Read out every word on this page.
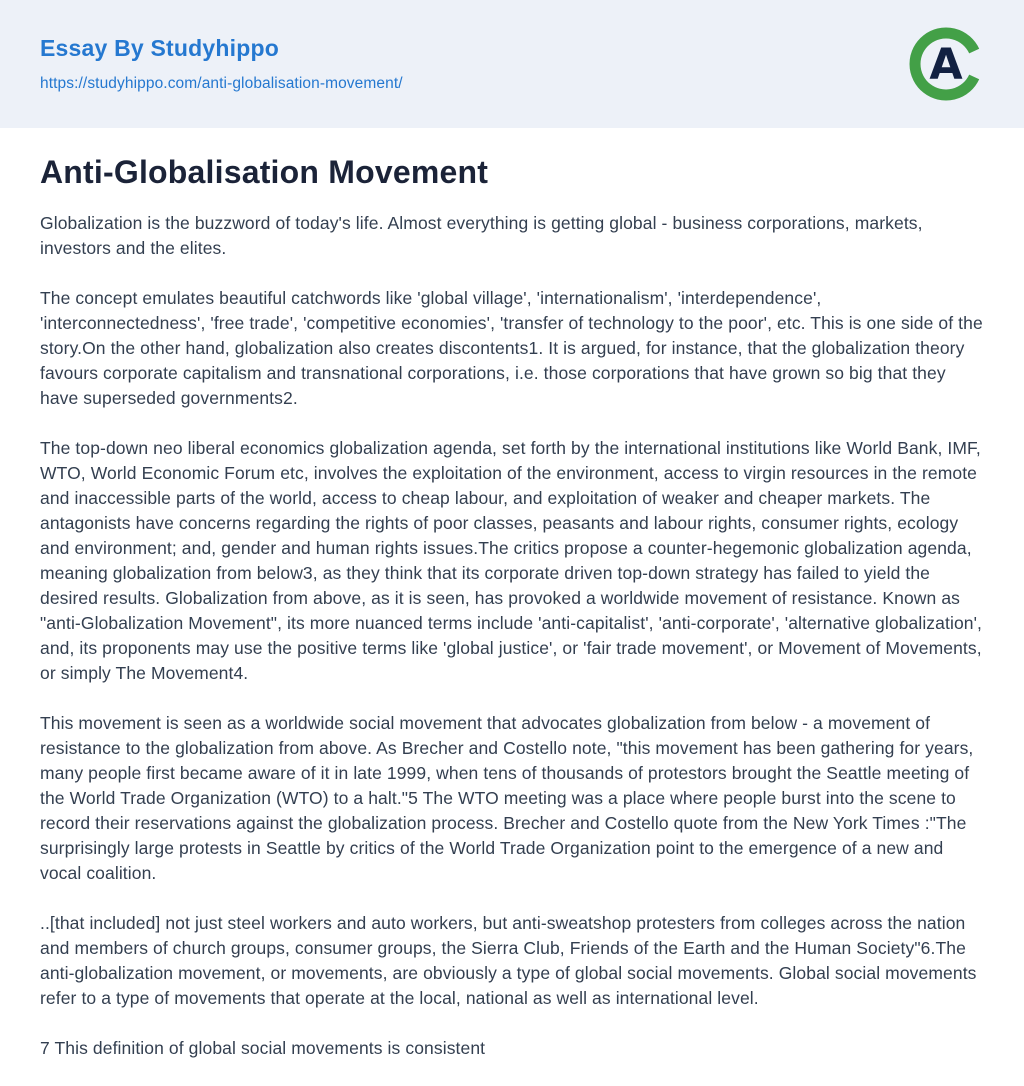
Essay By Studyhippo
https://studyhippo.com/anti-globalisation-movement/	A
Anti-Globalisation Movement

Globalization is the buzzword of today's life. Almost everything is getting global - business corporations, markets, investors and the elites.

The concept emulates beautiful catchwords like 'global village', 'internationalism', 'interdependence', 'interconnectedness', 'free trade', 'competitive economies', 'transfer of technology to the poor', etc. This is one side of the story.On the other hand, globalization also creates discontents1. It is argued, for instance, that the globalization theory favours corporate capitalism and transnational corporations, i.e. those corporations that have grown so big that they have superseded governments2.

The top-down neo liberal economics globalization agenda, set forth by the international institutions like World Bank, IMF, WTO, World Economic Forum etc, involves the exploitation of the environment, access to virgin resources in the remote and inaccessible parts of the world, access to cheap labour, and exploitation of weaker and cheaper markets. The antagonists have concerns regarding the rights of poor classes, peasants and labour rights, consumer rights, ecology and environment; and, gender and human rights issues.The critics propose a counter-hegemonic globalization agenda, meaning globalization from below3, as they think that its corporate driven top-down strategy has failed to yield the desired results. Globalization from above, as it is seen, has provoked a worldwide movement of resistance. Known as "anti-Globalization Movement", its more nuanced terms include 'anti-capitalist', 'anti-corporate', 'alternative globalization', and, its proponents may use the positive terms like 'global justice', or 'fair trade movement', or Movement of Movements, or simply The Movement4.

This movement is seen as a worldwide social movement that advocates globalization from below - a movement of resistance to the globalization from above. As Brecher and Costello note, "this movement has been gathering for years, many people first became aware of it in late 1999, when tens of thousands of protestors brought the Seattle meeting of the World Trade Organization (WTO) to a halt."5 The WTO meeting was a place where people burst into the scene to record their reservations against the globalization process. Brecher and Costello quote from the New York Times :"The surprisingly large protests in Seattle by critics of the World Trade Organization point to the emergence of a new and vocal coalition.

..[that included] not just steel workers and auto workers, but anti-sweatshop protesters from colleges across the nation and members of church groups, consumer groups, the Sierra Club, Friends of the Earth and the Human Society"6.The anti-globalization movement, or movements, are obviously a type of global social movements. Global social movements refer to a type of movements that operate at the local, national as well as international level.

7 This definition of global social movements is consistent
